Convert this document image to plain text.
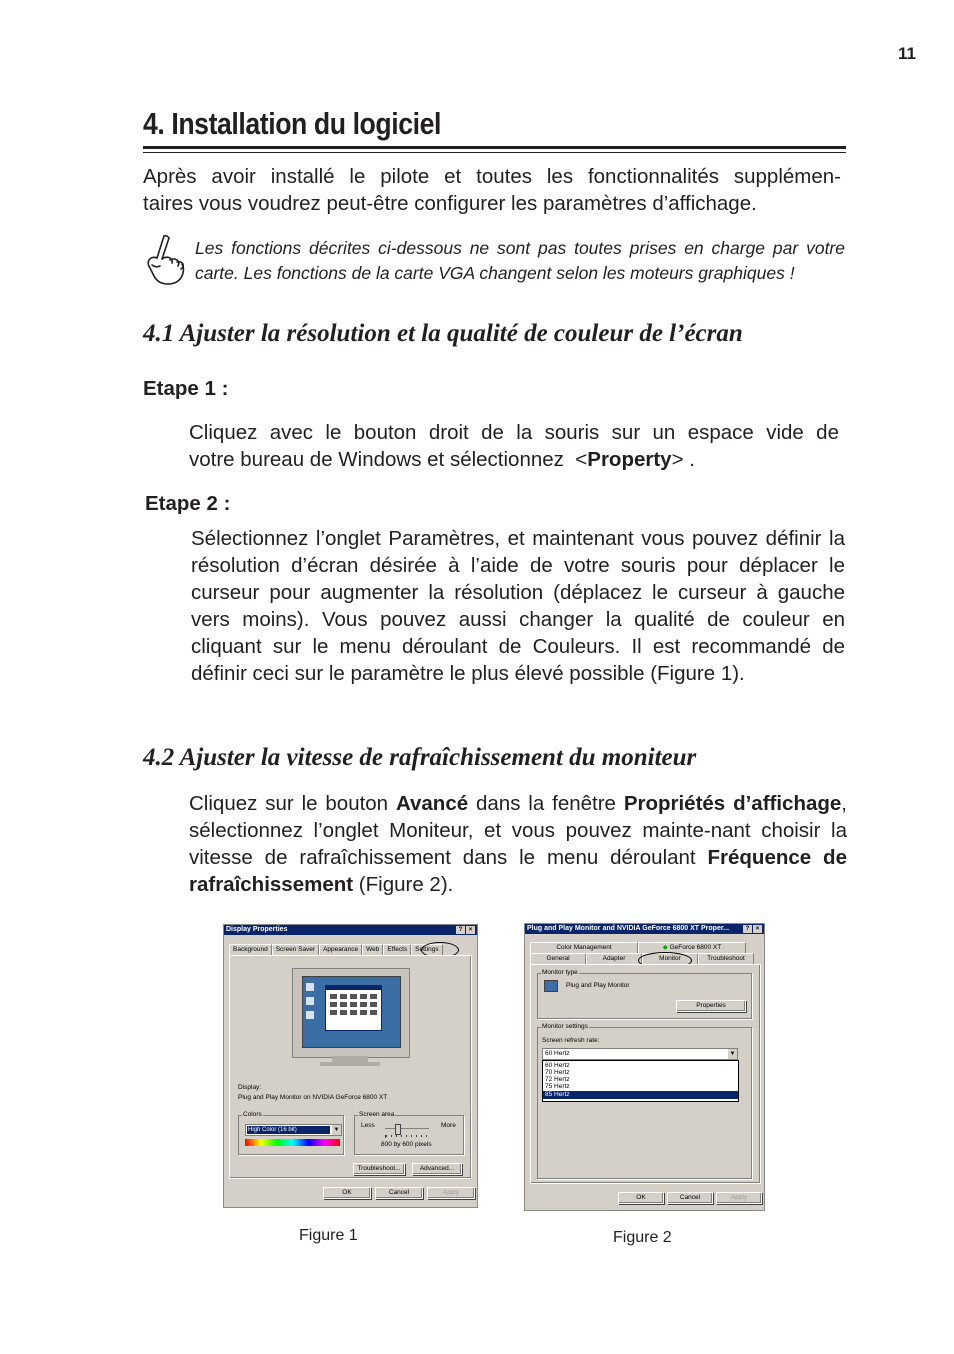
11
4. Installation du logiciel
Après avoir installé le pilote et toutes les fonctionnalités supplémen-
taires vous voudrez peut-être configurer les paramètres d’affichage.
Les fonctions décrites ci-dessous ne sont pas toutes prises en charge par votre carte. Les fonctions de la carte VGA changent selon les moteurs graphiques !
4.1 Ajuster la résolution et la qualité de couleur de l’écran
Etape 1 :
Cliquez avec le bouton droit de la souris sur un espace vide de
votre bureau de Windows et sélectionnez  <Property> .
Etape 2 :
Sélectionnez l’onglet Paramètres, et maintenant vous pouvez définir la résolution d’écran désirée à l’aide de votre souris pour déplacer le curseur pour augmenter la résolution (déplacez le curseur à gauche vers moins). Vous pouvez aussi changer la qualité de couleur en cliquant sur le menu déroulant de Couleurs. Il est recommandé de définir ceci sur le paramètre le plus élevé possible (Figure 1).
4.2 Ajuster la vitesse de rafraîchissement du moniteur
Cliquez sur le bouton Avancé dans la fenêtre Propriétés d’affichage, sélectionnez l’onglet Moniteur, et vous pouvez mainte-nant choisir la vitesse de rafraîchissement dans le menu déroulant Fréquence de rafraîchissement (Figure 2).
Display Properties	?	×
Background	Screen Saver	Appearance	Web	Effects	Settings
Display:
Plug and Play Monitor on NVIDIA GeForce 6800 XT
Colors
High Color (16 bit)	▼
Screen area
Less	More
800 by 600 pixels
Troubleshoot...	Advanced...
OK	Cancel	Apply
Figure 1
Plug and Play Monitor and NVIDIA GeForce 6800 XT Proper...	?	×
Color Management	◆ GeForce 6800 XT
General	Adapter	Monitor	Troubleshoot
Monitor type
Plug and Play Monitor
Properties
Monitor settings
Screen refresh rate:
60 Hertz	▼
60 Hertz
70 Hertz
72 Hertz
75 Hertz
85 Hertz
OK	Cancel	Apply
Figure 2
